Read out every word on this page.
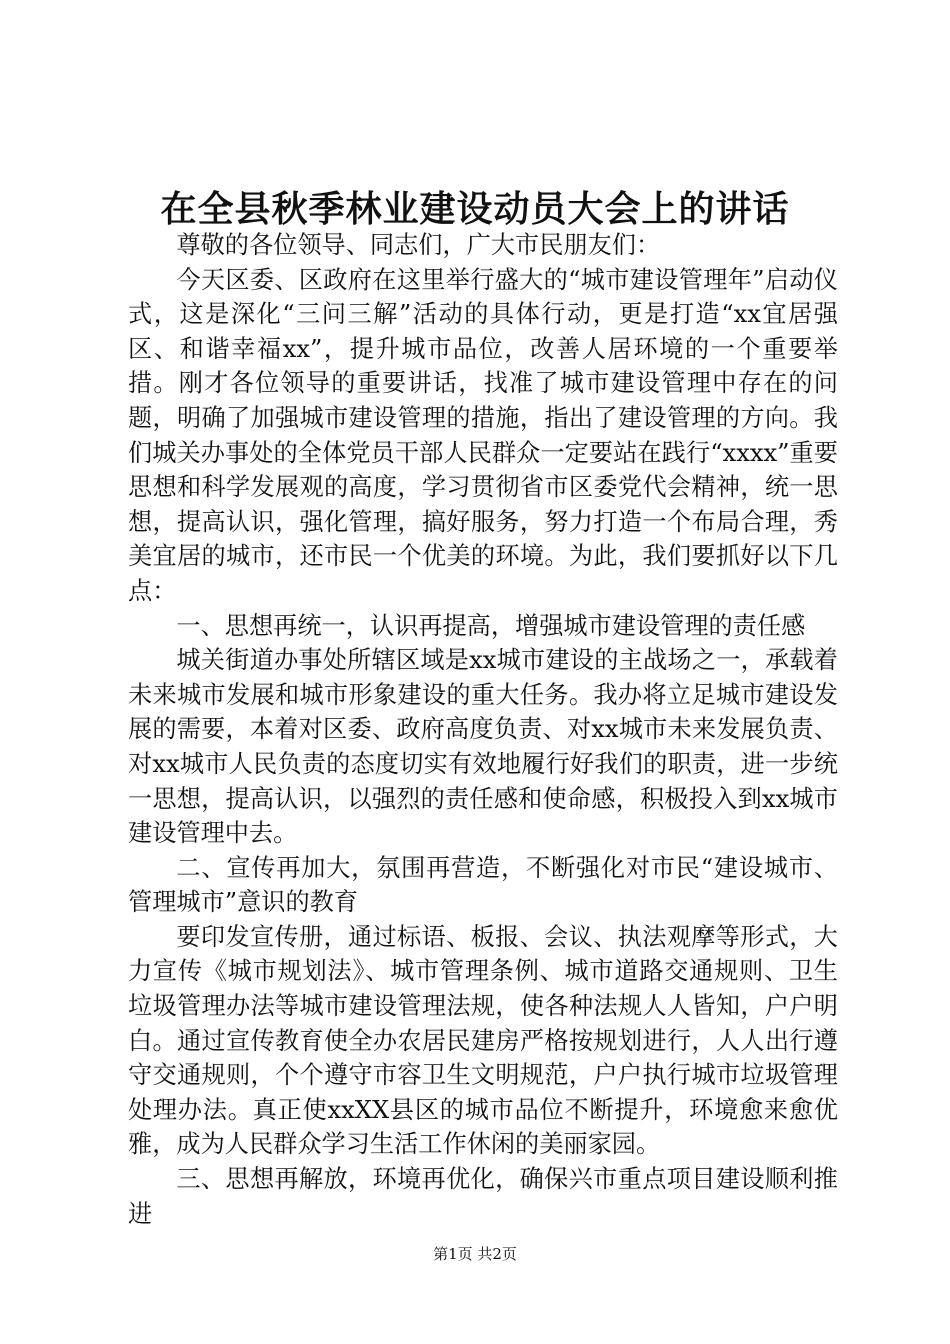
在全县秋季林业建设动员大会上的讲话

尊敬的各位领导、同志们，广大市民朋友们：

今天区委、区政府在这里举行盛大的“城市建设管理年”启动仪式，这是深化“三问三解”活动的具体行动，更是打造“xx宜居强区、和谐幸福xx”，提升城市品位，改善人居环境的一个重要举措。刚才各位领导的重要讲话，找准了城市建设管理中存在的问题，明确了加强城市建设管理的措施，指出了建设管理的方向。我们城关办事处的全体党员干部人民群众一定要站在践行“xxxx”重要思想和科学发展观的高度，学习贯彻省市区委党代会精神，统一思想，提高认识，强化管理，搞好服务，努力打造一个布局合理，秀美宜居的城市，还市民一个优美的环境。为此，我们要抓好以下几点：

一、思想再统一，认识再提高，增强城市建设管理的责任感

城关街道办事处所辖区域是xx城市建设的主战场之一，承载着未来城市发展和城市形象建设的重大任务。我办将立足城市建设发展的需要，本着对区委、政府高度负责、对xx城市未来发展负责、对xx城市人民负责的态度切实有效地履行好我们的职责，进一步统一思想，提高认识，以强烈的责任感和使命感，积极投入到xx城市建设管理中去。

二、宣传再加大，氛围再营造，不断强化对市民“建设城市、管理城市”意识的教育

要印发宣传册，通过标语、板报、会议、执法观摩等形式，大力宣传《城市规划法》、城市管理条例、城市道路交通规则、卫生垃圾管理办法等城市建设管理法规，使各种法规人人皆知，户户明白。通过宣传教育使全办农居民建房严格按规划进行，人人出行遵守交通规则，个个遵守市容卫生文明规范，户户执行城市垃圾管理处理办法。真正使xxXX县区的城市品位不断提升，环境愈来愈优雅，成为人民群众学习生活工作休闲的美丽家园。

三、思想再解放，环境再优化，确保兴市重点项目建设顺利推进

第1页 共2页
